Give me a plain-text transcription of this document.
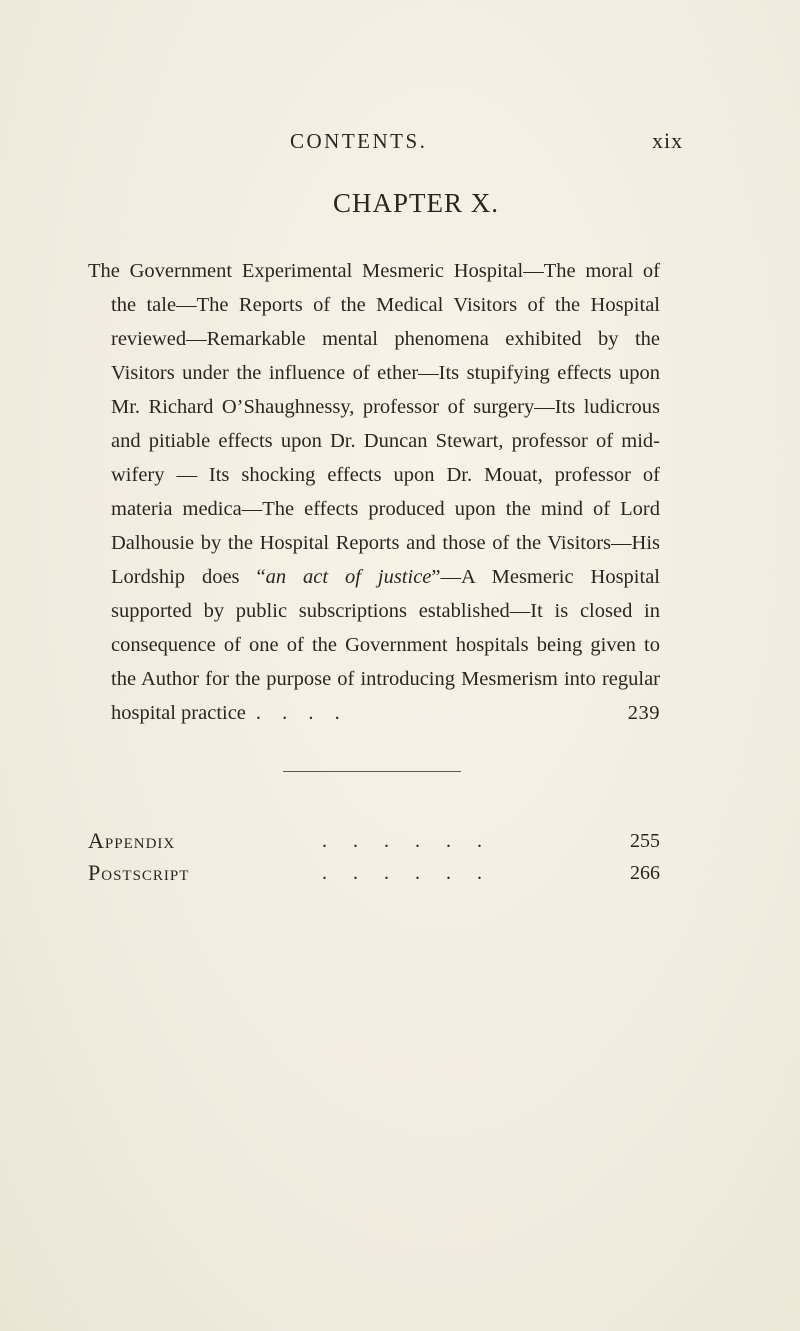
CONTENTS.	xix
CHAPTER X.

The Government Experimental Mesmeric Hospital—The moral of the tale—The Reports of the Medical Visitors of the Hospital reviewed—Remarkable mental phenomena exhibited by the Visitors under the influence of ether—Its stupifying effects upon Mr. Richard O’Shaughnessy, professor of surgery—Its ludicrous and pitiable effects upon Dr. Duncan Stewart, professor of mid-wifery — Its shocking effects upon Dr. Mouat, professor of materia medica—The effects produced upon the mind of Lord Dalhousie by the Hospital Reports and those of the Visitors—His Lordship does “an act of justice”—A Mesmeric Hospital supported by public subscriptions established—It is closed in consequence of one of the Government hospitals being given to the Author for the purpose of introducing Mesmerism into regular hospital practice . . . .	239

Appendix	......	255
Postscript	......	266
